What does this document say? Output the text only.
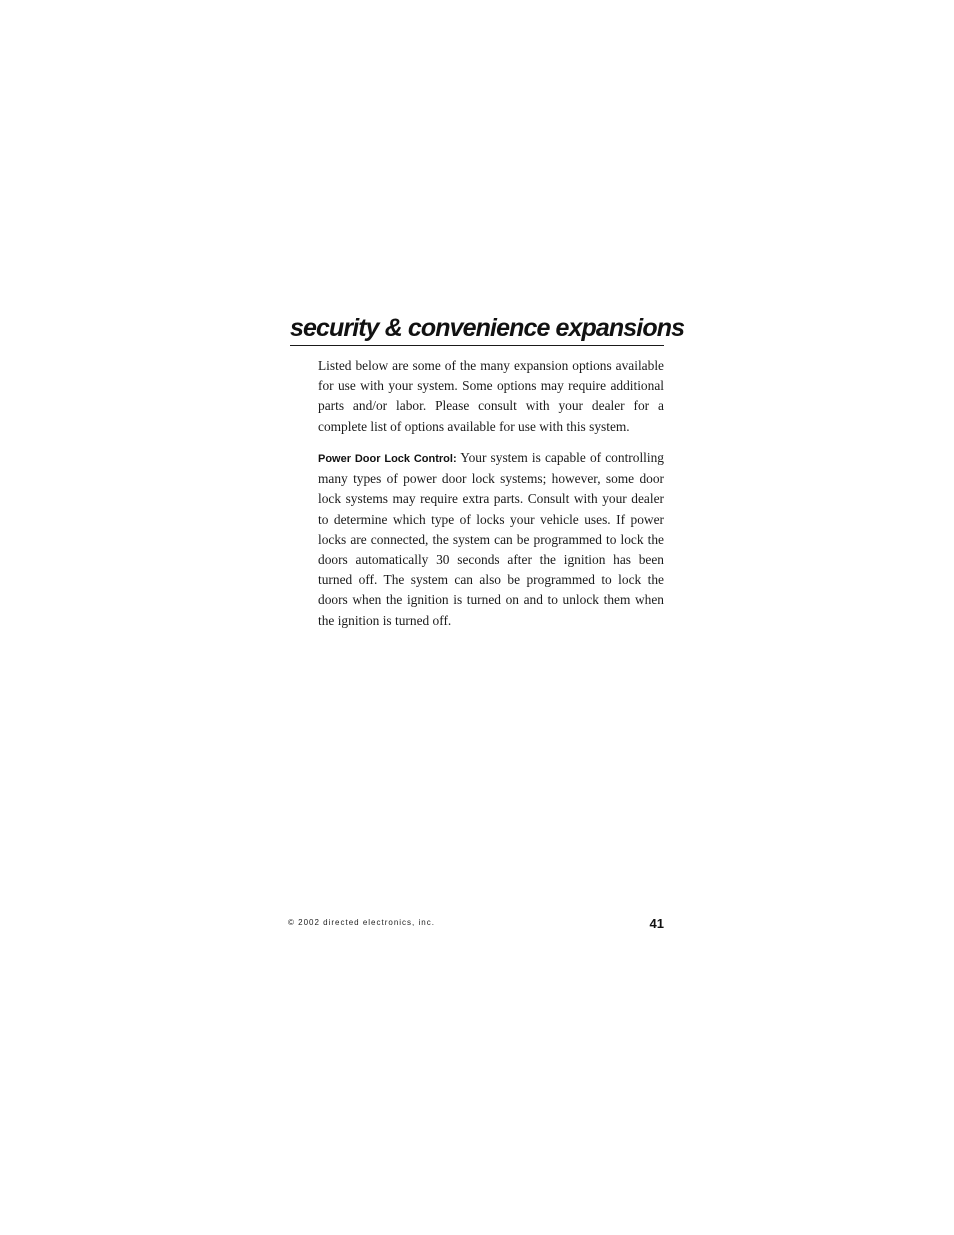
security & convenience expansions

Listed below are some of the many expansion options available for use with your system. Some options may require additional parts and/or labor. Please consult with your dealer for a complete list of options available for use with this system.

Power Door Lock Control: Your system is capable of controlling many types of power door lock systems; however, some door lock systems may require extra parts. Consult with your dealer to determine which type of locks your vehicle uses. If power locks are connected, the system can be programmed to lock the doors automatically 30 seconds after the ignition has been turned off. The system can also be programmed to lock the doors when the ignition is turned on and to unlock them when the ignition is turned off.

© 2002 directed electronics, inc.	41
